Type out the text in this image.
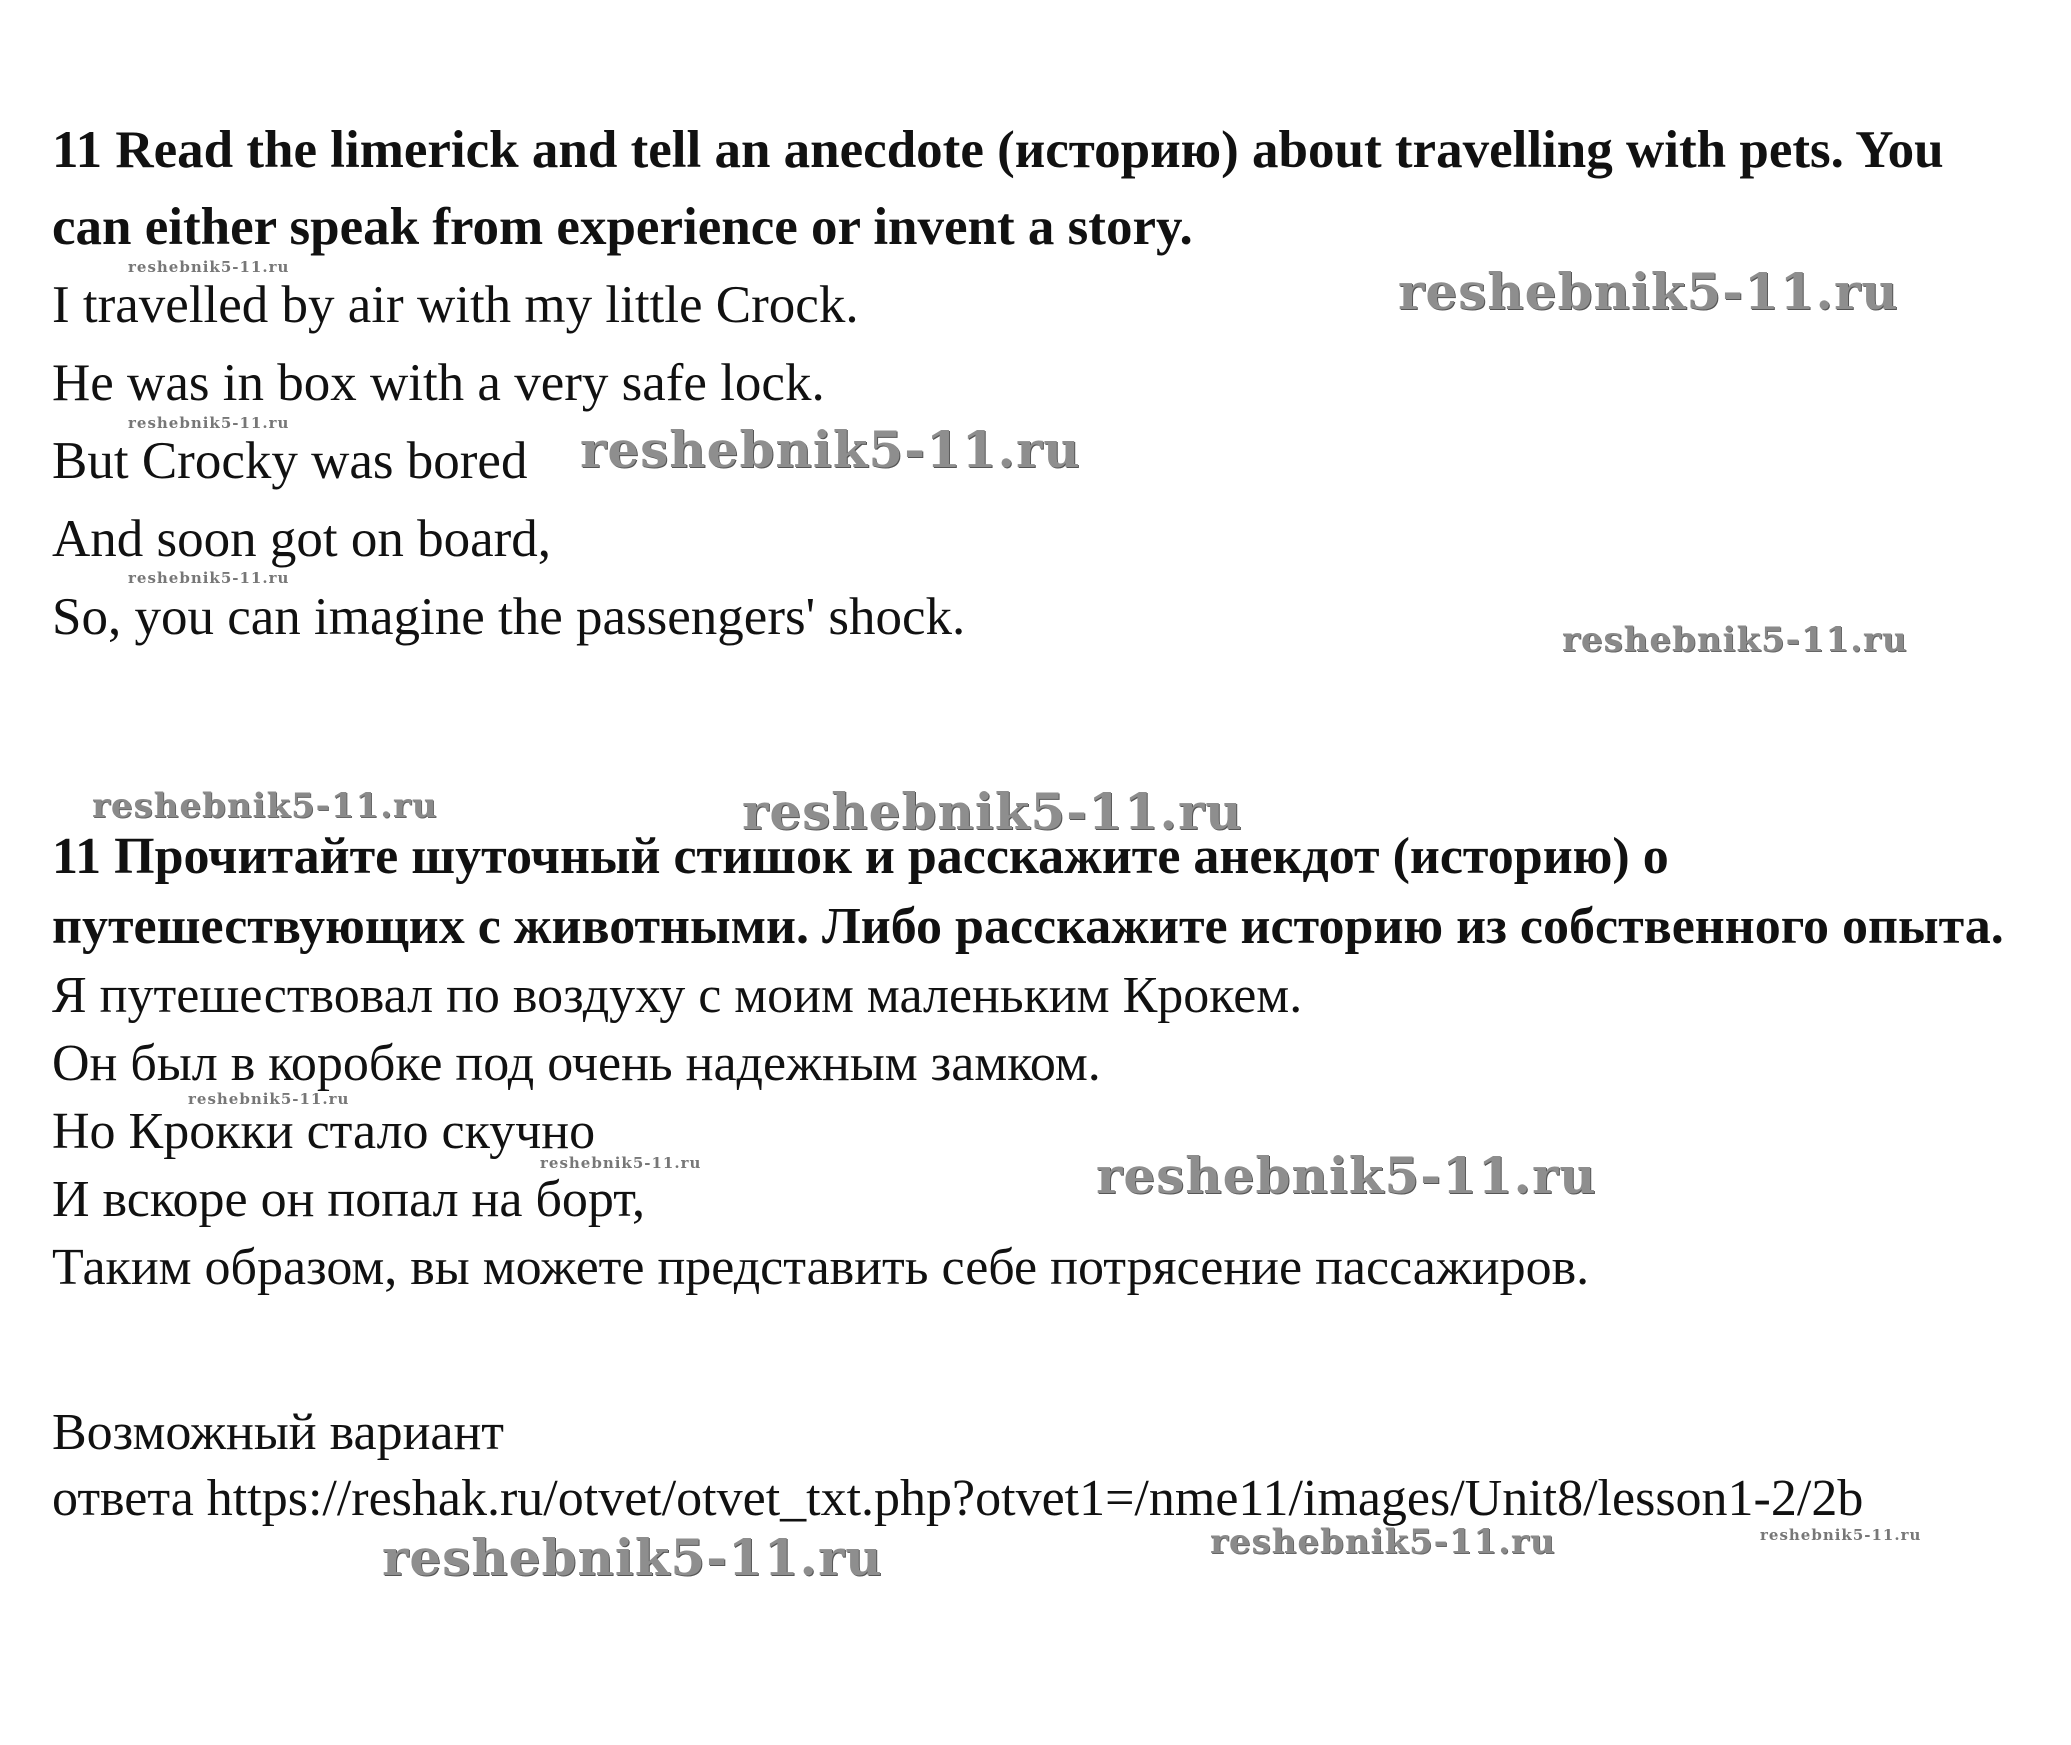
11 Read the limerick and tell an anecdote (историю) about travelling with pets. You can either speak from experience or invent a story.

I travelled by air with my little Crock.
He was in box with a very safe lock.
But Crocky was bored
And soon got on board,
So, you can imagine the passengers' shock.

11 Прочитайте шуточный стишок и расскажите анекдот (историю) о путешествующих с животными. Либо расскажите историю из собственного опыта.

Я путешествовал по воздуху с моим маленьким Крокем.
Он был в коробке под очень надежным замком.
Но Крокки стало скучно
И вскоре он попал на борт,
Таким образом, вы можете представить себе потрясение пассажиров.
Возможный вариант
ответа https://reshak.ru/otvet/otvet_txt.php?otvet1=/nme11/images/Unit8/lesson1-2/2b
reshebnik5-11.ru	reshebnik5-11.ru
reshebnik5-11.ru	reshebnik5-11.ru
reshebnik5-11.ru
reshebnik5-11.ru
reshebnik5-11.ru	reshebnik5-11.ru
reshebnik5-11.ru
reshebnik5-11.ru	reshebnik5-11.ru
reshebnik5-11.ru	reshebnik5-11.ru	reshebnik5-11.ru
